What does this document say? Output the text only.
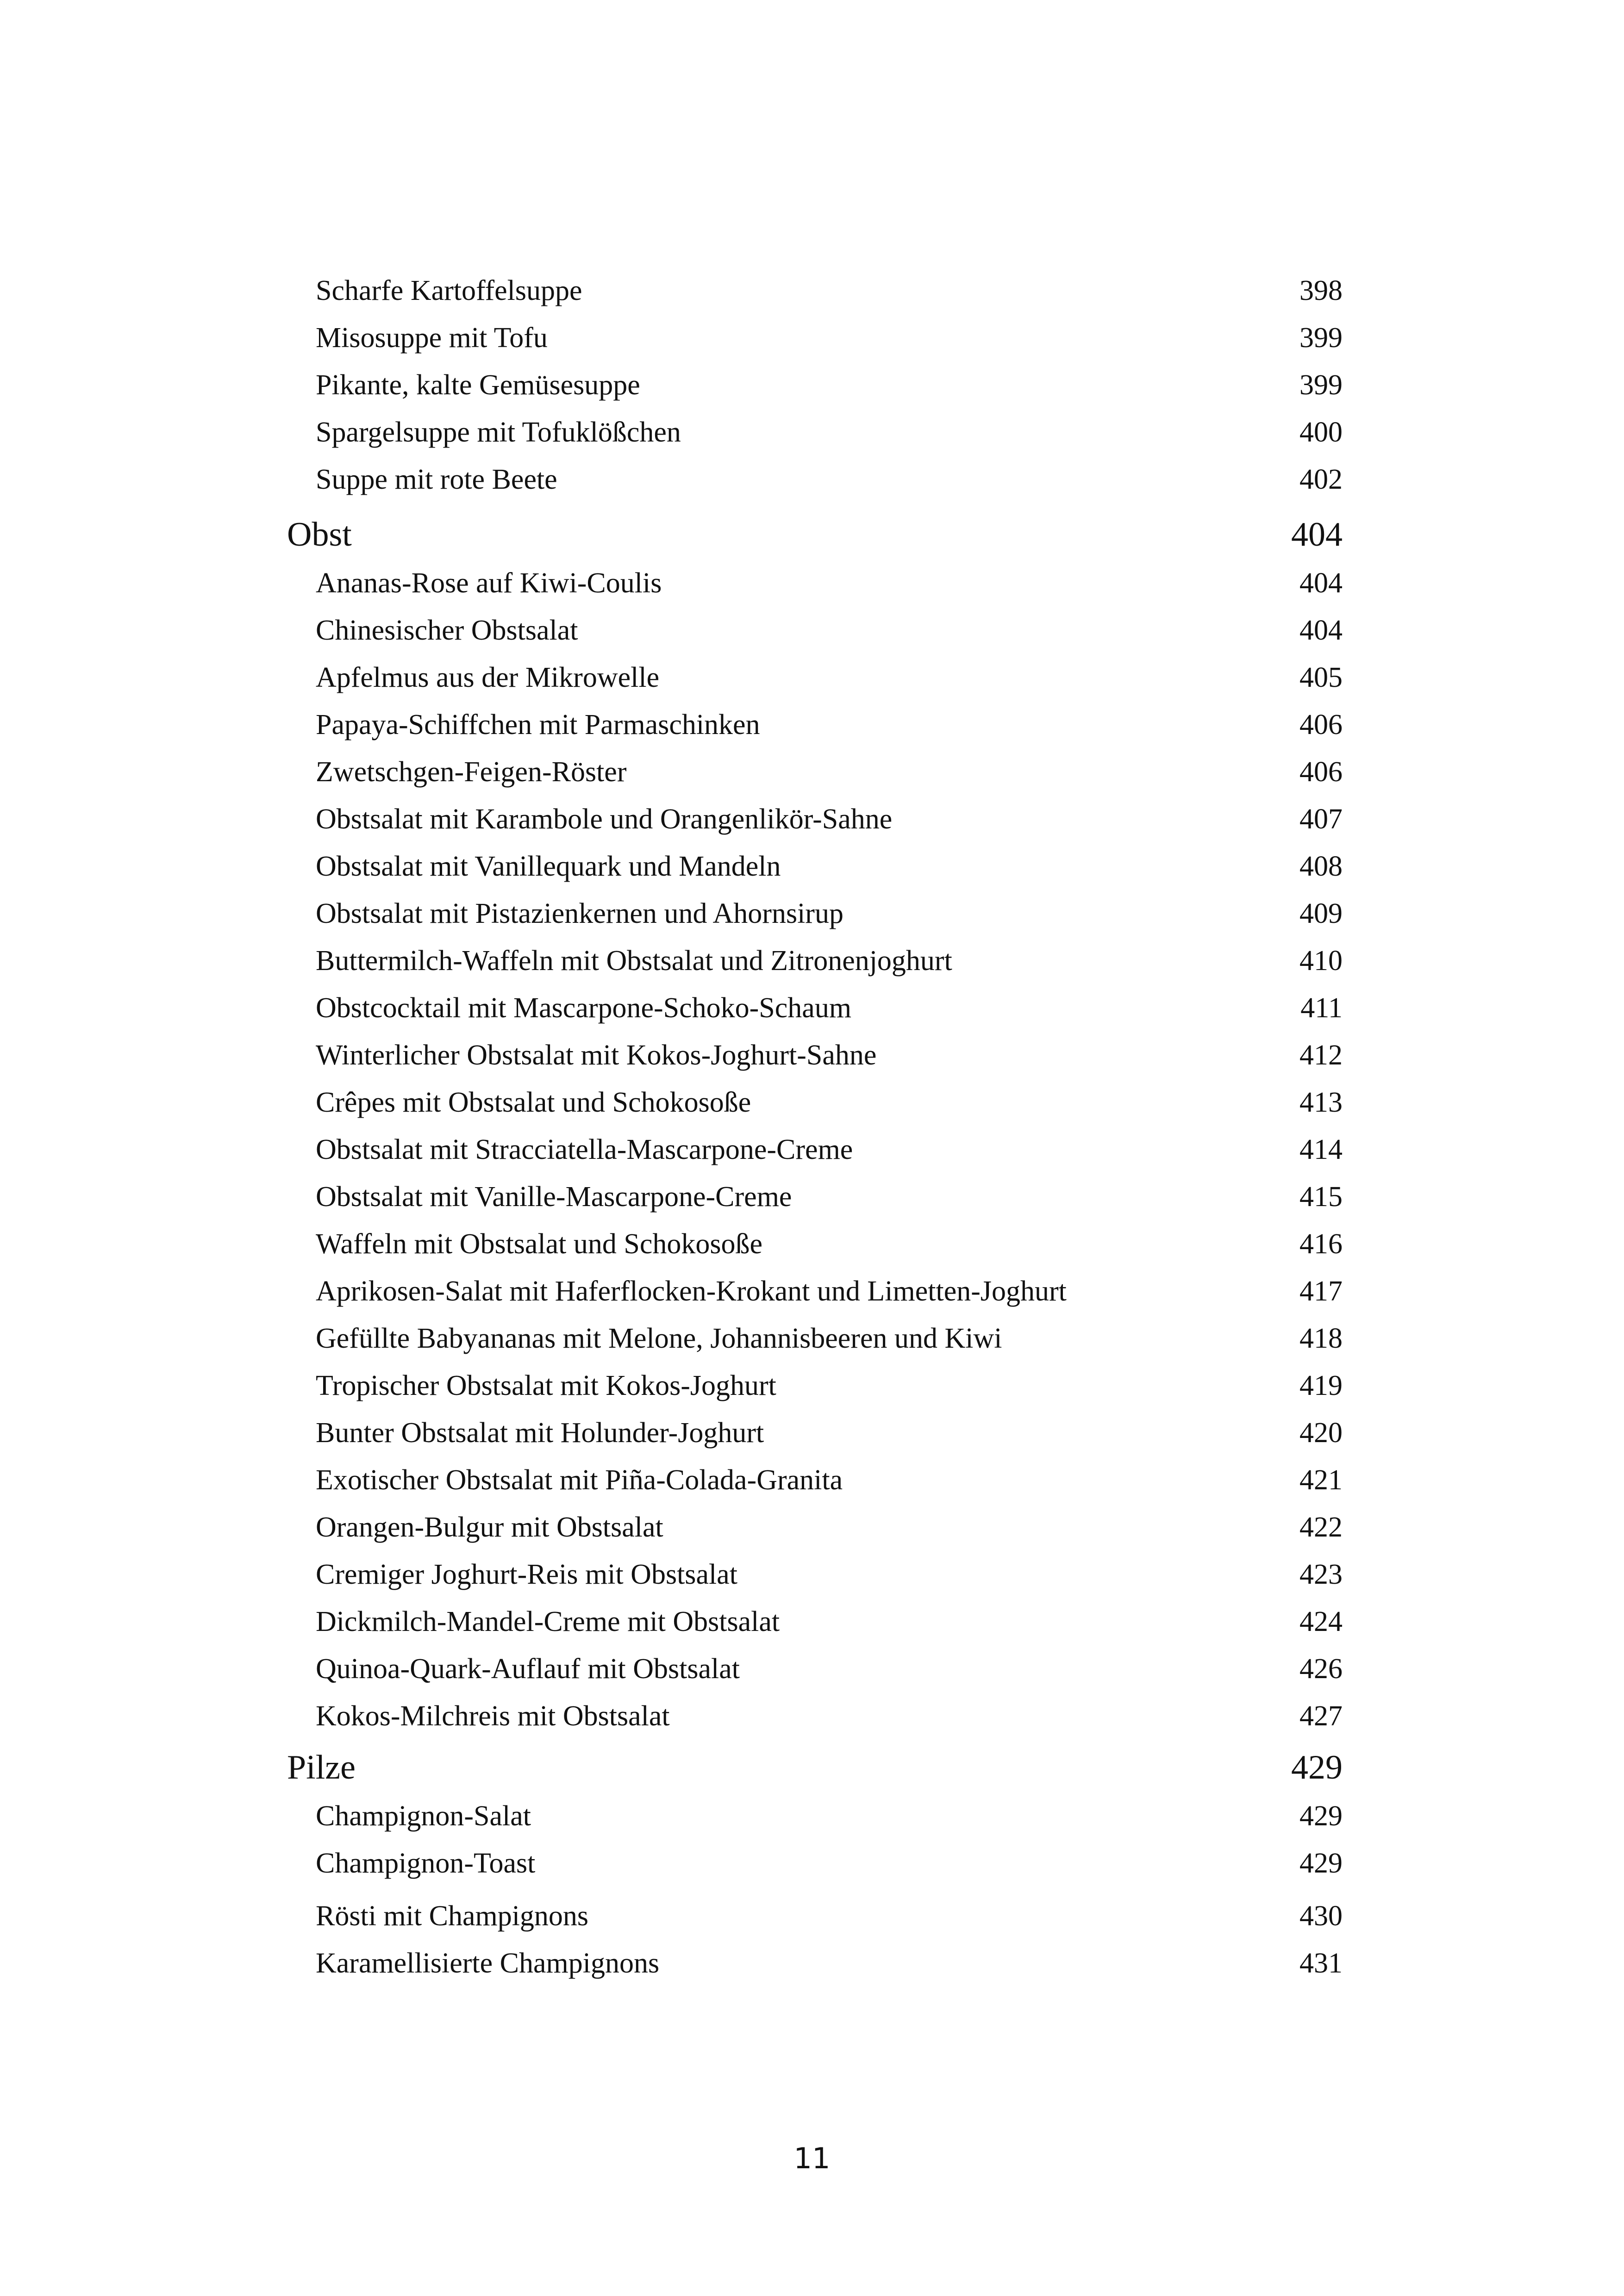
Scharfe Kartoffelsuppe	398
Misosuppe mit Tofu	399
Pikante, kalte Gemüsesuppe	399
Spargelsuppe mit Tofuklößchen	400
Suppe mit rote Beete	402
Obst	404
Ananas-Rose auf Kiwi-Coulis	404
Chinesischer Obstsalat	404
Apfelmus aus der Mikrowelle	405
Papaya-Schiffchen mit Parmaschinken	406
Zwetschgen-Feigen-Röster	406
Obstsalat mit Karambole und Orangenlikör-Sahne	407
Obstsalat mit Vanillequark und Mandeln	408
Obstsalat mit Pistazienkernen und Ahornsirup	409
Buttermilch-Waffeln mit Obstsalat und Zitronenjoghurt	410
Obstcocktail mit Mascarpone-Schoko-Schaum	411
Winterlicher Obstsalat mit Kokos-Joghurt-Sahne	412
Crêpes mit Obstsalat und Schokosoße	413
Obstsalat mit Stracciatella-Mascarpone-Creme	414
Obstsalat mit Vanille-Mascarpone-Creme	415
Waffeln mit Obstsalat und Schokosoße	416
Aprikosen-Salat mit Haferflocken-Krokant und Limetten-Joghurt	417
Gefüllte Babyananas mit Melone, Johannisbeeren und Kiwi	418
Tropischer Obstsalat mit Kokos-Joghurt	419
Bunter Obstsalat mit Holunder-Joghurt	420
Exotischer Obstsalat mit Piña-Colada-Granita	421
Orangen-Bulgur mit Obstsalat	422
Cremiger Joghurt-Reis mit Obstsalat	423
Dickmilch-Mandel-Creme mit Obstsalat	424
Quinoa-Quark-Auflauf mit Obstsalat	426
Kokos-Milchreis mit Obstsalat	427
Pilze	429
Champignon-Salat	429
Champignon-Toast	429
Rösti mit Champignons	430
Karamellisierte Champignons	431
11
